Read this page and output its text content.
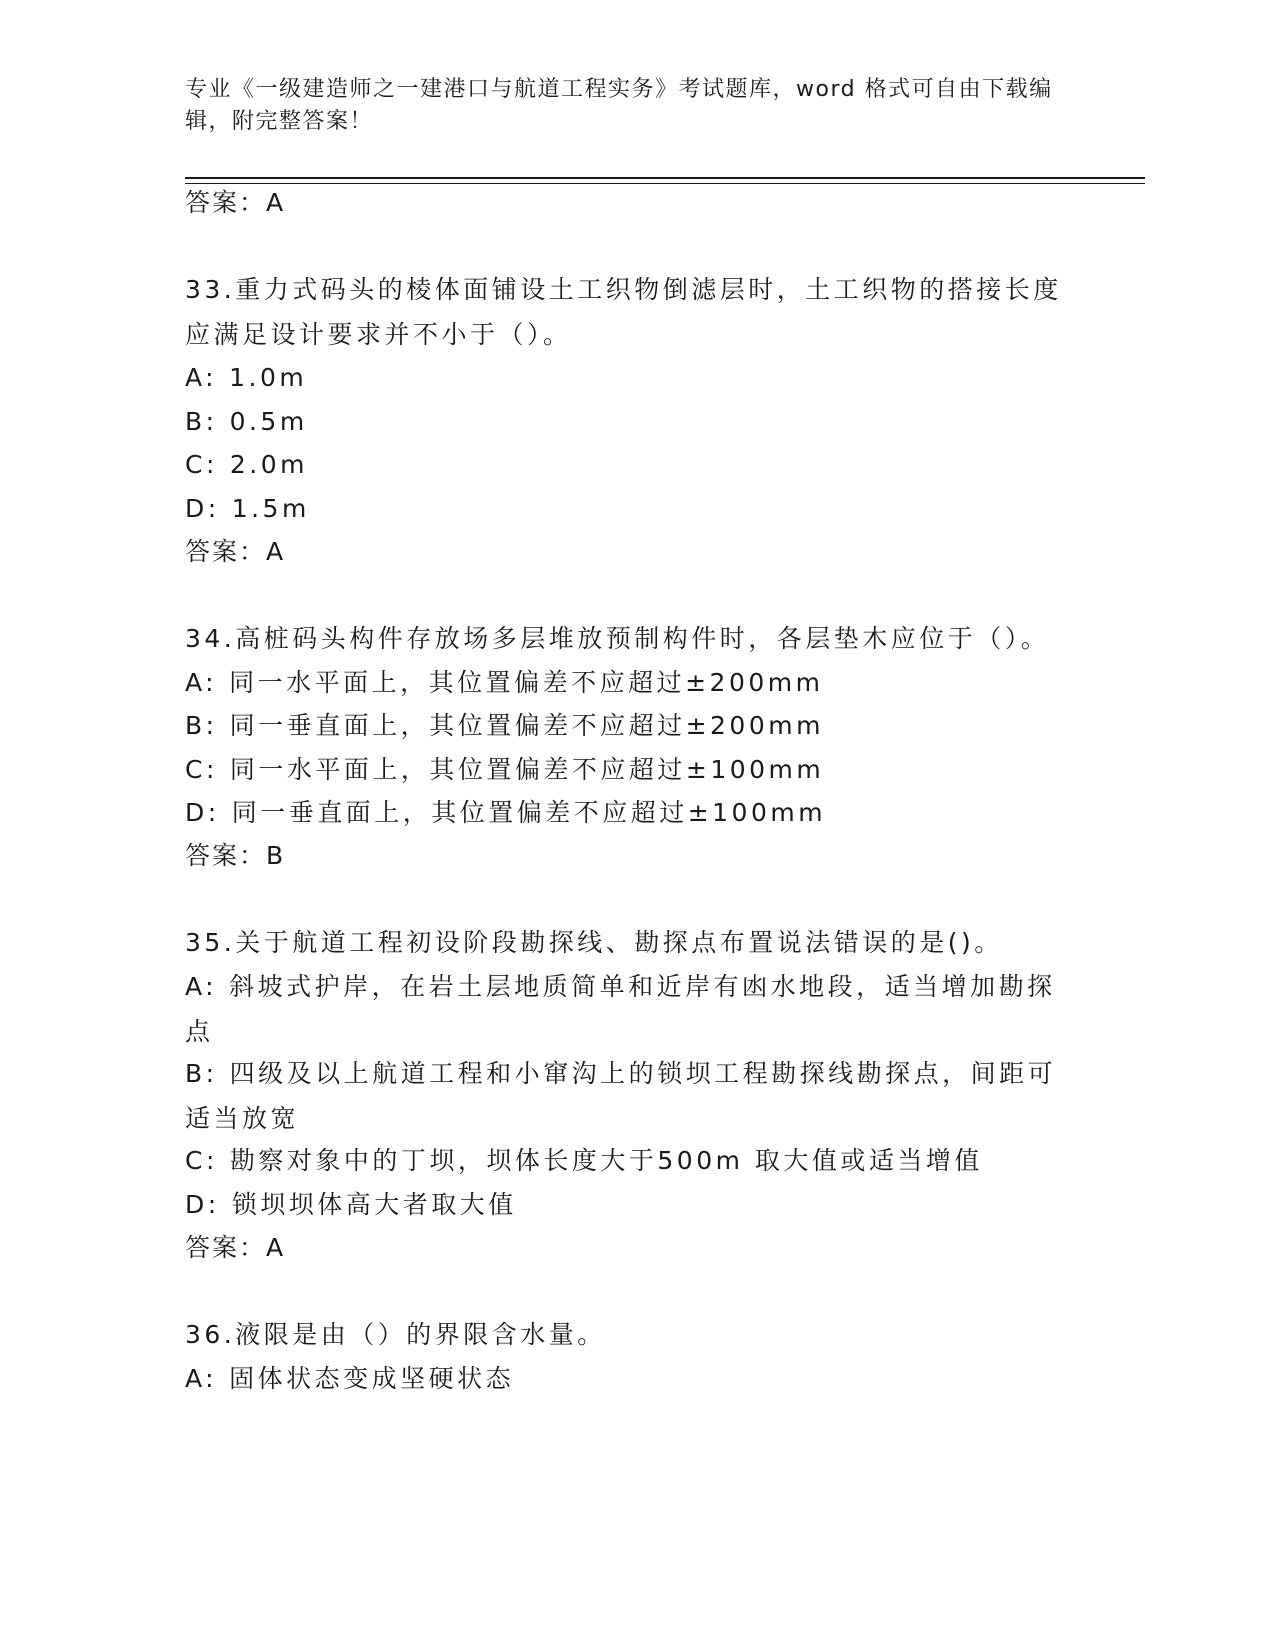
专业《一级建造师之一建港口与航道工程实务》考试题库，word 格式可自由下载编辑，附完整答案！
答案：A
33.重力式码头的棱体面铺设土工织物倒滤层时，土工织物的搭接长度应满足设计要求并不小于（）。
A: 1.0m
B: 0.5m
C: 2.0m
D: 1.5m
答案：A
34.高桩码头构件存放场多层堆放预制构件时，各层垫木应位于（）。
A: 同一水平面上，其位置偏差不应超过±200mm
B: 同一垂直面上，其位置偏差不应超过±200mm
C: 同一水平面上，其位置偏差不应超过±100mm
D: 同一垂直面上，其位置偏差不应超过±100mm
答案：B
35.关于航道工程初设阶段勘探线、勘探点布置说法错误的是()。
A: 斜坡式护岸，在岩土层地质简单和近岸有凼水地段，适当增加勘探点
B: 四级及以上航道工程和小窜沟上的锁坝工程勘探线勘探点，间距可适当放宽
C: 勘察对象中的丁坝，坝体长度大于500m 取大值或适当增值
D: 锁坝坝体高大者取大值
答案：A
36.液限是由（）的界限含水量。
A: 固体状态变成坚硬状态
